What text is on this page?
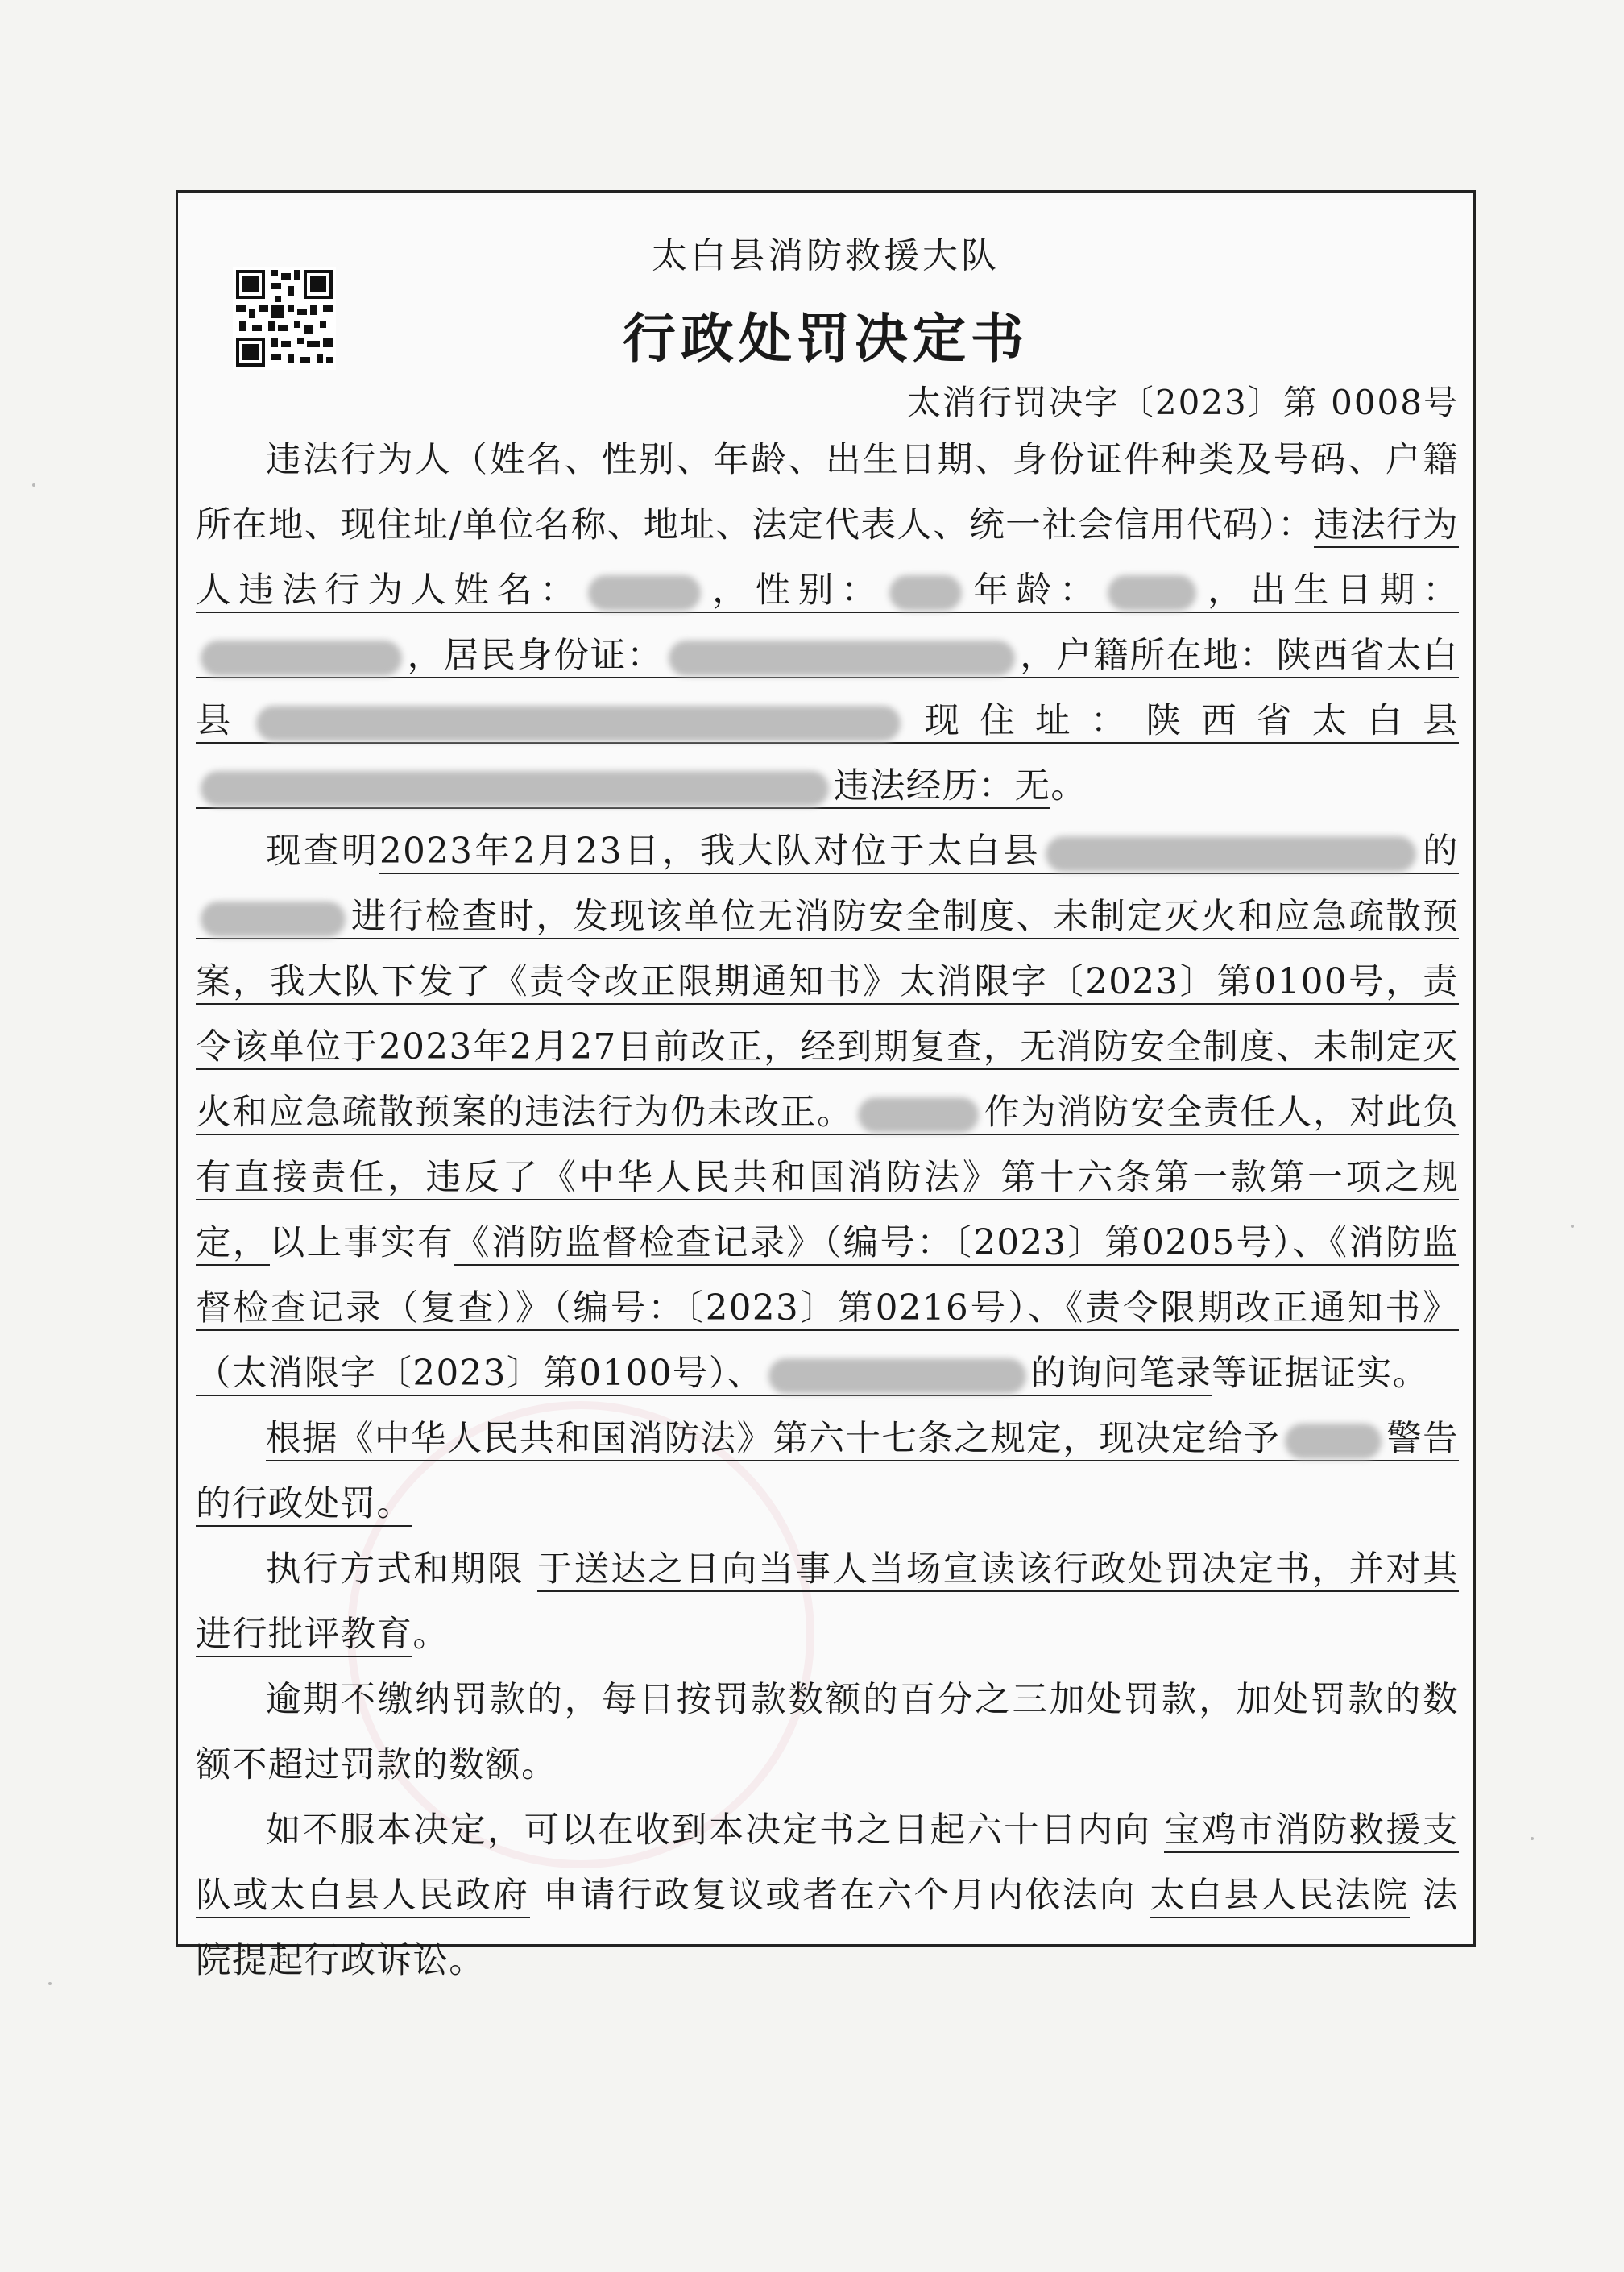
太白县消防救援大队
行政处罚决定书
太消行罚决字〔2023〕第 0008号

违法行为人（姓名、性别、年龄、出生日期、身份证件种类及号码、户籍所在地、现住址/单位名称、地址、法定代表人、统一社会信用代码）：违法行为人违法行为人姓名：	，性别： 年龄：	，出生日期：，居民身份证：	，户籍所在地：陕西省太白县	现住址：陕西省太白县违法经历：无。

现查明2023年2月23日，我大队对位于太白县	的进行检查时，发现该单位无消防安全制度、未制定灭火和应急疏散预案，我大队下发了《责令改正限期通知书》太消限字〔2023〕第0100号，责令该单位于2023年2月27日前改正，经到期复查，无消防安全制度、未制定灭火和应急疏散预案的违法行为仍未改正。	作为消防安全责任人，对此负有直接责任，违反了《中华人民共和国消防法》第十六条第一款第一项之规定，以上事实有《消防监督检查记录》（编号：〔2023〕第0205号）、《消防监督检查记录（复查）》（编号：〔2023〕第0216号）、《责令限期改正通知书》（太消限字〔2023〕第0100号）、	的询问笔录等证据证实。

根据《中华人民共和国消防法》第六十七条之规定，现决定给予	警告的行政处罚。

执行方式和期限 于送达之日向当事人当场宣读该行政处罚决定书，并对其进行批评教育。

逾期不缴纳罚款的，每日按罚款数额的百分之三加处罚款，加处罚款的数额不超过罚款的数额。

如不服本决定，可以在收到本决定书之日起六十日内向 宝鸡市消防救援支队或太白县人民政府 申请行政复议或者在六个月内依法向 太白县人民法院 法院提起行政诉讼。
